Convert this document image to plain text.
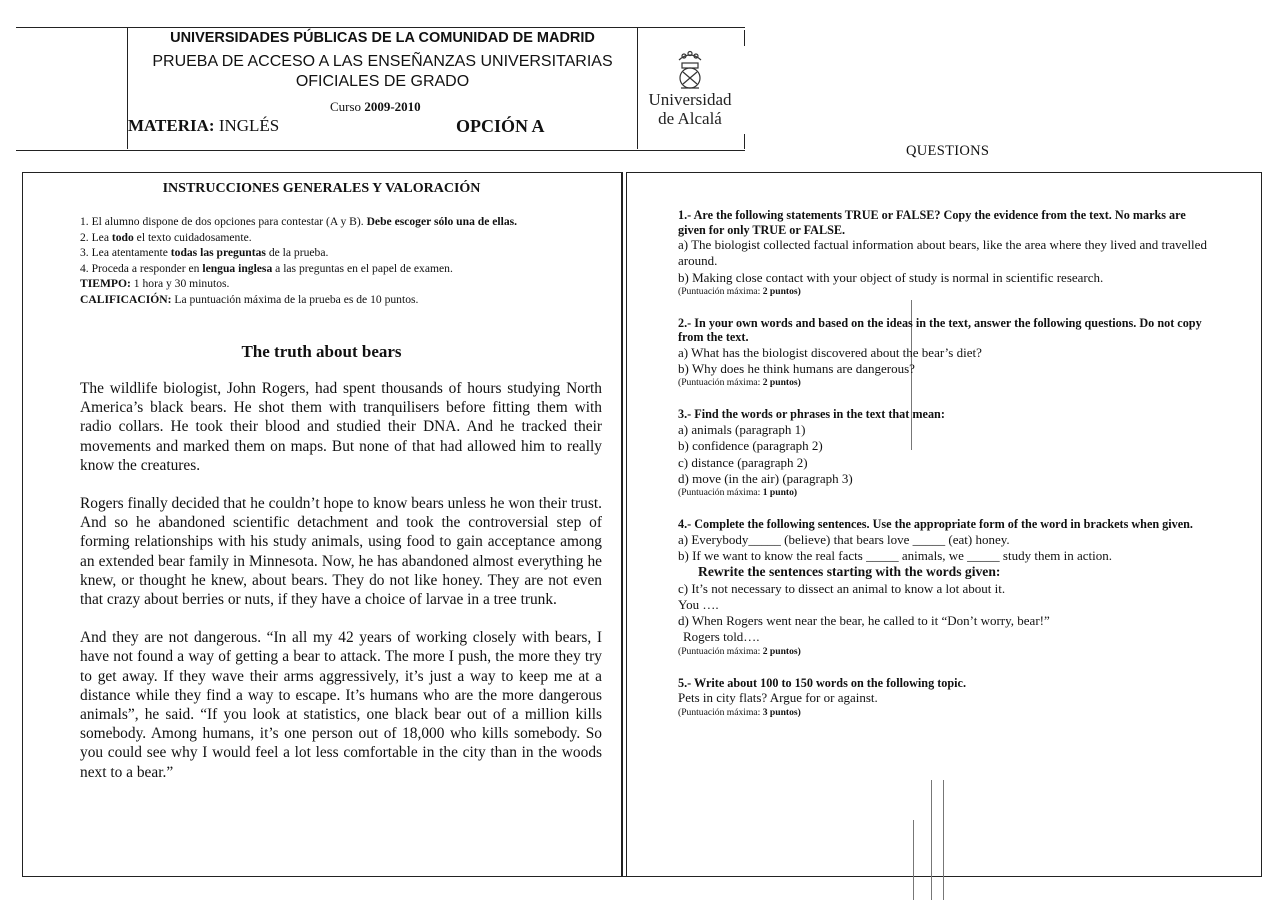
UNIVERSIDADES PÚBLICAS DE LA COMUNIDAD DE MADRID
PRUEBA DE ACCESO A LAS ENSEÑANZAS UNIVERSITARIAS
OFICIALES DE GRADO
Curso 2009-2010
MATERIA: INGLÉS	OPCIÓN A
Universidad
de Alcalá
QUESTIONS
INSTRUCCIONES GENERALES Y VALORACIÓN
1. El alumno dispone de dos opciones para contestar (A y B). Debe escoger sólo una de ellas.
2. Lea todo el texto cuidadosamente.
3. Lea atentamente todas las preguntas de la prueba.
4. Proceda a responder en lengua inglesa a las preguntas en el papel de examen.
TIEMPO: 1 hora y 30 minutos.
CALIFICACIÓN: La puntuación máxima de la prueba es de 10 puntos.
The truth about bears

The wildlife biologist, John Rogers, had spent thousands of hours studying North America’s black bears. He shot them with tranquilisers before fitting them with radio collars. He took their blood and studied their DNA. And he tracked their movements and marked them on maps. But none of that had allowed him to really know the creatures.

Rogers finally decided that he couldn’t hope to know bears unless he won their trust. And so he abandoned scientific detachment and took the controversial step of forming relationships with his study animals, using food to gain acceptance among an extended bear family in Minnesota. Now, he has abandoned almost everything he knew, or thought he knew, about bears. They do not like honey. They are not even that crazy about berries or nuts, if they have a choice of larvae in a tree trunk.

And they are not dangerous. “In all my 42 years of working closely with bears, I have not found a way of getting a bear to attack. The more I push, the more they try to get away. If they wave their arms aggressively, it’s just a way to keep me at a distance while they find a way to escape. It’s humans who are the more dangerous animals”, he said. “If you look at statistics, one black bear out of a million kills somebody. Among humans, it’s one person out of 18,000 who kills somebody. So you could see why I would feel a lot less comfortable in the city than in the woods next to a bear.”

1.- Are the following statements TRUE or FALSE? Copy the evidence from the text. No marks are given for only TRUE or FALSE.
a) The biologist collected factual information about bears, like the area where they lived and travelled around.
b) Making close contact with your object of study is normal in scientific research.
(Puntuación máxima: 2 puntos)
2.- In your own words and based on the ideas in the text, answer the following questions. Do not copy from the text.
a) What has the biologist discovered about the bear’s diet?
b) Why does he think humans are dangerous?
(Puntuación máxima: 2 puntos)
3.- Find the words or phrases in the text that mean:
a) animals (paragraph 1)
b) confidence (paragraph 2)
c) distance (paragraph 2)
d) move (in the air) (paragraph 3)
(Puntuación máxima: 1 punto)
4.- Complete the following sentences. Use the appropriate form of the word in brackets when given.
a) Everybody_____ (believe) that bears love _____ (eat) honey.
b) If we want to know the real facts _____ animals, we _____ study them in action.
Rewrite the sentences starting with the words given:
c) It’s not necessary to dissect an animal to know a lot about it.
You ….
d) When Rogers went near the bear, he called to it “Don’t worry, bear!”
Rogers told….
(Puntuación máxima: 2 puntos)
5.- Write about 100 to 150 words on the following topic.
Pets in city flats? Argue for or against.
(Puntuación máxima: 3 puntos)
